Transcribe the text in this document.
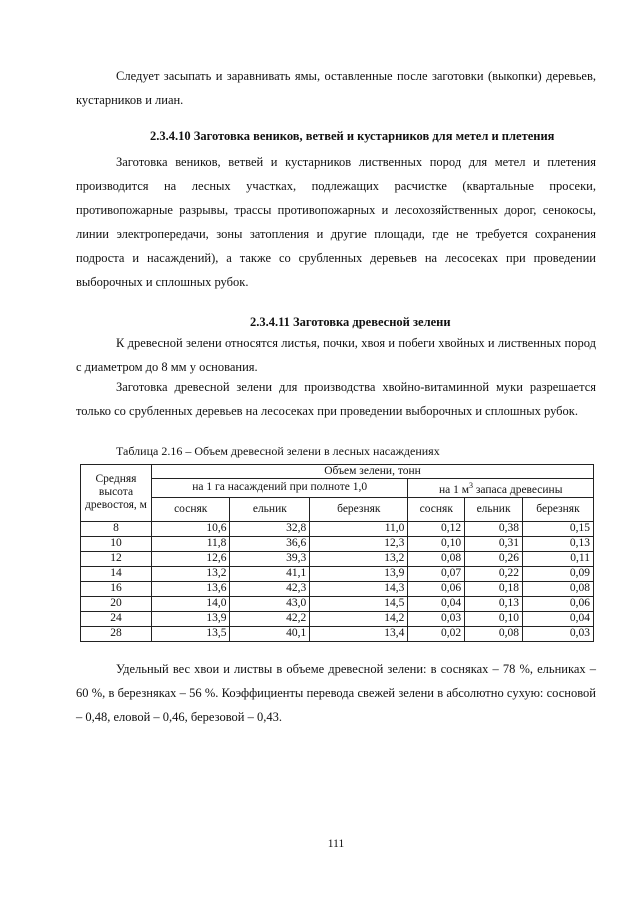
Следует засыпать и заравнивать ямы, оставленные после заготовки (выкопки) деревьев, кустарников и лиан.

2.3.4.10 Заготовка веников, ветвей и кустарников для метел и плетения

Заготовка веников, ветвей и кустарников лиственных пород для метел и плетения производится на лесных участках, подлежащих расчистке (квартальные просеки, противопожарные разрывы, трассы противопожарных и лесохозяйственных дорог, сенокосы, линии электропередачи, зоны затопления и другие площади, где не требуется сохранения подроста и насаждений), а также со срубленных деревьев на лесосеках при проведении выборочных и сплошных рубок.

2.3.4.11 Заготовка древесной зелени

К древесной зелени относятся листья, почки, хвоя и побеги хвойных и лиственных пород с диаметром до 8 мм у основания.

Заготовка древесной зелени для производства хвойно-витаминной муки разрешается только со срубленных деревьев на лесосеках при проведении выборочных и сплошных рубок.

Таблица 2.16 – Объем древесной зелени в лесных насаждениях
Средняя высота древостоя, м	Объем зелени, тонн					
	на 1 га насаждений при полноте 1,0			на 1 $м^3$ запаса древесины		
	сосняк	ельник	березняк	сосняк	ельник	березняк
8	10,6	32,8	11,0	0,12	0,38	0,15
10	11,8	36,6	12,3	0,10	0,31	0,13
12	12,6	39,3	13,2	0,08	0,26	0,11
14	13,2	41,1	13,9	0,07	0,22	0,09
16	13,6	42,3	14,3	0,06	0,18	0,08
20	14,0	43,0	14,5	0,04	0,13	0,06
24	13,9	42,2	14,2	0,03	0,10	0,04
28	13,5	40,1	13,4	0,02	0,08	0,03

Удельный вес хвои и листвы в объеме древесной зелени: в сосняках – 78 %, ельниках – 60 %, в березняках – 56 %. Коэффициенты перевода свежей зелени в абсолютно сухую: сосновой – 0,48, еловой – 0,46, березовой – 0,43.

111
